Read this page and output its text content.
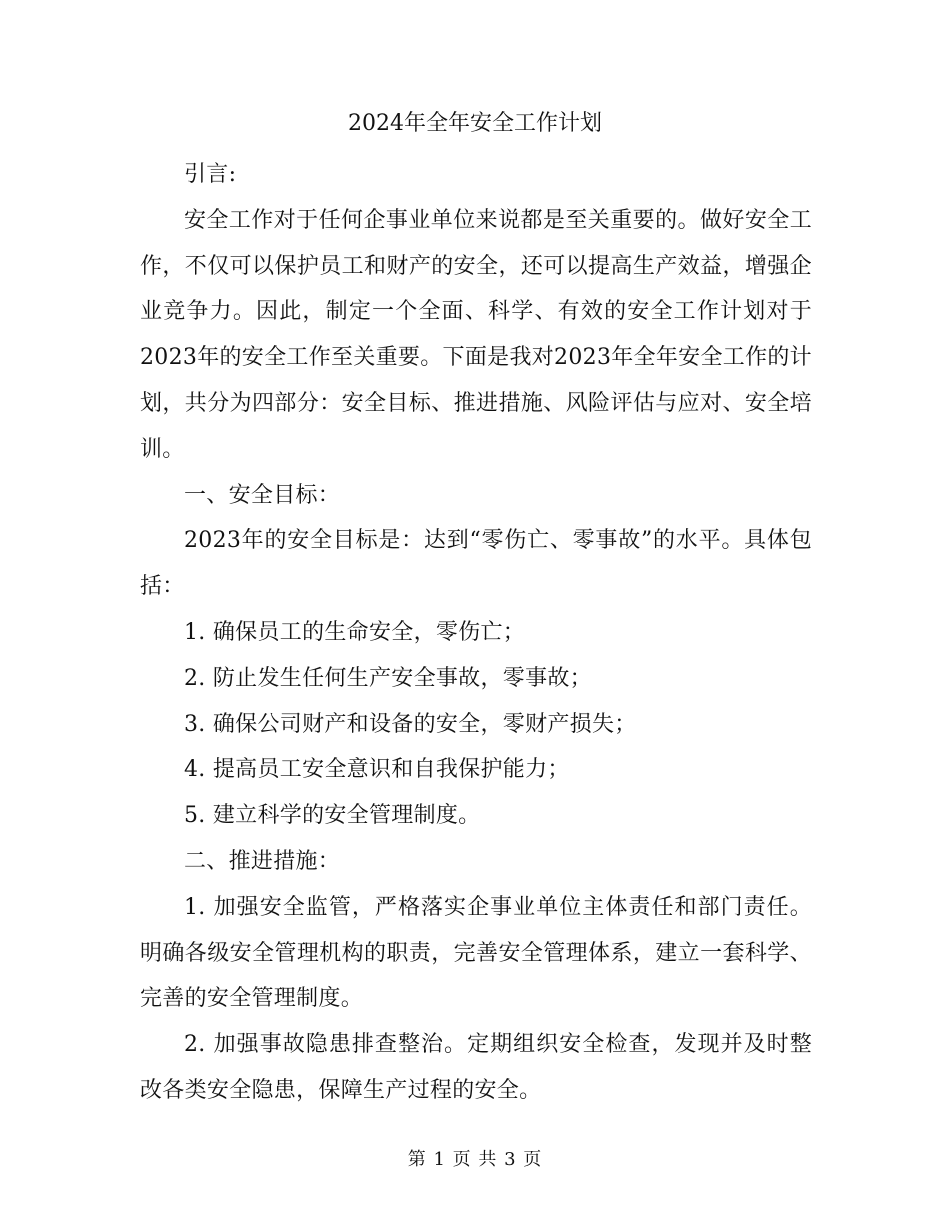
2024年全年安全工作计划

引言:

安全工作对于任何企事业单位来说都是至关重要的。做好安全工作，不仅可以保护员工和财产的安全，还可以提高生产效益，增强企业竞争力。因此，制定一个全面、科学、有效的安全工作计划对于2023年的安全工作至关重要。下面是我对2023年全年安全工作的计划，共分为四部分：安全目标、推进措施、风险评估与应对、安全培训。

一、安全目标：

2023年的安全目标是：达到“零伤亡、零事故”的水平。具体包括：

1. 确保员工的生命安全，零伤亡；

2. 防止发生任何生产安全事故，零事故；

3. 确保公司财产和设备的安全，零财产损失；

4. 提高员工安全意识和自我保护能力；

5. 建立科学的安全管理制度。

二、推进措施：

1. 加强安全监管，严格落实企事业单位主体责任和部门责任。明确各级安全管理机构的职责，完善安全管理体系，建立一套科学、完善的安全管理制度。

2. 加强事故隐患排查整治。定期组织安全检查，发现并及时整改各类安全隐患，保障生产过程的安全。

第 1 页 共 3 页
